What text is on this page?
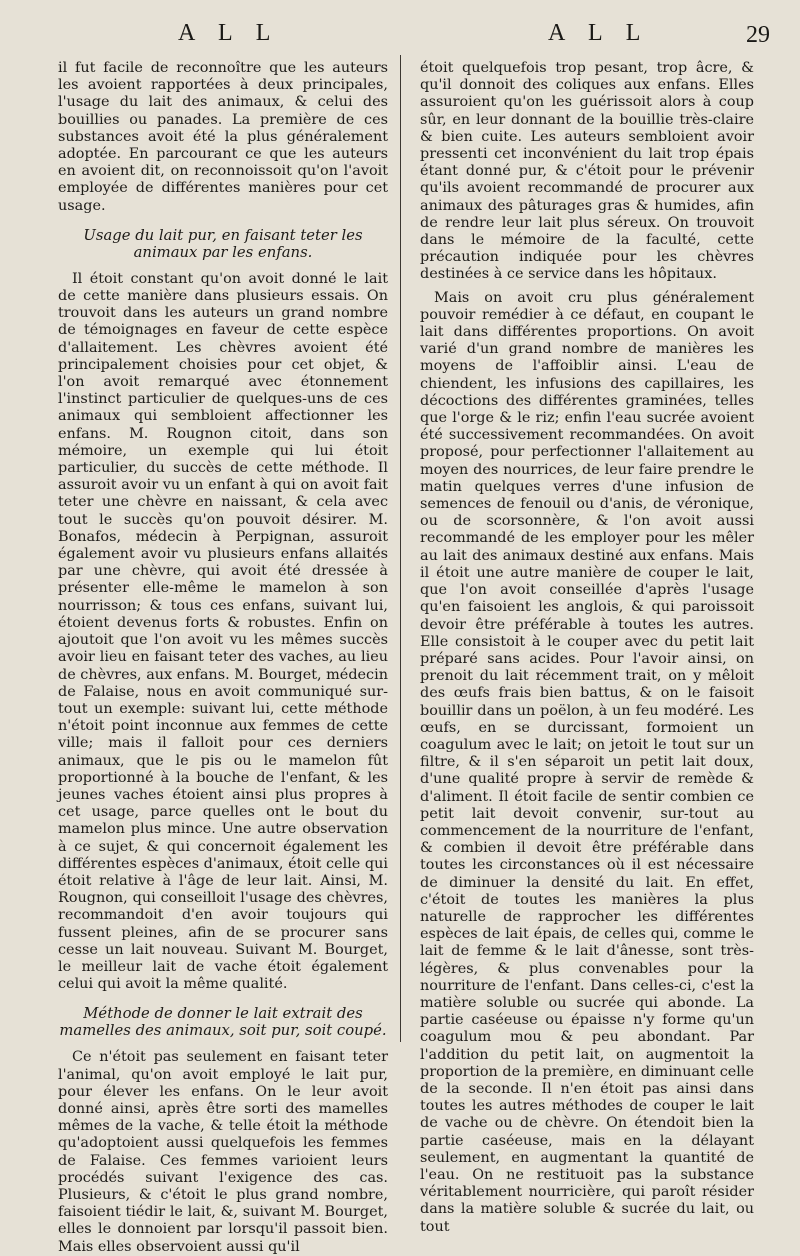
A L L	A L L	29

il fut facile de reconnoître que les auteurs les avoient rapportées à deux principales, l'usage du lait des animaux, & celui des bouillies ou panades. La première de ces substances avoit été la plus généralement adoptée. En parcourant ce que les auteurs en avoient dit, on reconnoissoit qu'on l'avoit employée de différentes manières pour cet usage.

Usage du lait pur, en faisant teter les animaux par les enfans.

Il étoit constant qu'on avoit donné le lait de cette manière dans plusieurs essais. On trouvoit dans les auteurs un grand nombre de témoignages en faveur de cette espèce d'allaitement. Les chèvres avoient été principalement choisies pour cet objet, & l'on avoit remarqué avec étonnement l'instinct particulier de quelques-uns de ces animaux qui sembloient affectionner les enfans. M. Rougnon citoit, dans son mémoire, un exemple qui lui étoit particulier, du succès de cette méthode. Il assuroit avoir vu un enfant à qui on avoit fait teter une chèvre en naissant, & cela avec tout le succès qu'on pouvoit désirer. M. Bonafos, médecin à Perpignan, assuroit également avoir vu plusieurs enfans allaités par une chèvre, qui avoit été dressée à présenter elle-même le mamelon à son nourrisson; & tous ces enfans, suivant lui, étoient devenus forts & robustes. Enfin on ajoutoit que l'on avoit vu les mêmes succès avoir lieu en faisant teter des vaches, au lieu de chèvres, aux enfans. M. Bourget, médecin de Falaise, nous en avoit communiqué sur-tout un exemple: suivant lui, cette méthode n'étoit point inconnue aux femmes de cette ville; mais il falloit pour ces derniers animaux, que le pis ou le mamelon fût proportionné à la bouche de l'enfant, & les jeunes vaches étoient ainsi plus propres à cet usage, parce quelles ont le bout du mamelon plus mince. Une autre observation à ce sujet, & qui concernoit également les différentes espèces d'animaux, étoit celle qui étoit relative à l'âge de leur lait. Ainsi, M. Rougnon, qui conseilloit l'usage des chèvres, recommandoit d'en avoir toujours qui fussent pleines, afin de se procurer sans cesse un lait nouveau. Suivant M. Bourget, le meilleur lait de vache étoit également celui qui avoit la même qualité.

Méthode de donner le lait extrait des mamelles des animaux, soit pur, soit coupé.

Ce n'étoit pas seulement en faisant teter l'animal, qu'on avoit employé le lait pur, pour élever les enfans. On le leur avoit donné ainsi, après être sorti des mamelles mêmes de la vache, & telle étoit la méthode qu'adoptoient aussi quelquefois les femmes de Falaise. Ces femmes varioient leurs procédés suivant l'exigence des cas. Plusieurs, & c'étoit le plus grand nombre, faisoient tiédir le lait, &, suivant M. Bourget, elles le donnoient par lorsqu'il passoit bien. Mais elles observoient aussi qu'il

étoit quelquefois trop pesant, trop âcre, & qu'il donnoit des coliques aux enfans. Elles assuroient qu'on les guérissoit alors à coup sûr, en leur donnant de la bouillie très-claire & bien cuite. Les auteurs sembloient avoir pressenti cet inconvénient du lait trop épais étant donné pur, & c'étoit pour le prévenir qu'ils avoient recommandé de procurer aux animaux des pâturages gras & humides, afin de rendre leur lait plus séreux. On trouvoit dans le mémoire de la faculté, cette précaution indiquée pour les chèvres destinées à ce service dans les hôpitaux.

Mais on avoit cru plus généralement pouvoir remédier à ce défaut, en coupant le lait dans différentes proportions. On avoit varié d'un grand nombre de manières les moyens de l'affoiblir ainsi. L'eau de chiendent, les infusions des capillaires, les décoctions des différentes graminées, telles que l'orge & le riz; enfin l'eau sucrée avoient été successivement recommandées. On avoit proposé, pour perfectionner l'allaitement au moyen des nourrices, de leur faire prendre le matin quelques verres d'une infusion de semences de fenouil ou d'anis, de véronique, ou de scorsonnère, & l'on avoit aussi recommandé de les employer pour les mêler au lait des animaux destiné aux enfans. Mais il étoit une autre manière de couper le lait, que l'on avoit conseillée d'après l'usage qu'en faisoient les anglois, & qui paroissoit devoir être préférable à toutes les autres. Elle consistoit à le couper avec du petit lait préparé sans acides. Pour l'avoir ainsi, on prenoit du lait récemment trait, on y mêloit des œufs frais bien battus, & on le faisoit bouillir dans un poëlon, à un feu modéré. Les œufs, en se durcissant, formoient un coagulum avec le lait; on jetoit le tout sur un filtre, & il s'en séparoit un petit lait doux, d'une qualité propre à servir de remède & d'aliment. Il étoit facile de sentir combien ce petit lait devoit convenir, sur-tout au commencement de la nourriture de l'enfant, & combien il devoit être préférable dans toutes les circonstances où il est nécessaire de diminuer la densité du lait. En effet, c'étoit de toutes les manières la plus naturelle de rapprocher les différentes espèces de lait épais, de celles qui, comme le lait de femme & le lait d'ânesse, sont très-légères, & plus convenables pour la nourriture de l'enfant. Dans celles-ci, c'est la matière soluble ou sucrée qui abonde. La partie caséeuse ou épaisse n'y forme qu'un coagulum mou & peu abondant. Par l'addition du petit lait, on augmentoit la proportion de la première, en diminuant celle de la seconde. Il n'en étoit pas ainsi dans toutes les autres méthodes de couper le lait de vache ou de chèvre. On étendoit bien la partie caséeuse, mais en la délayant seulement, en augmentant la quantité de l'eau. On ne restituoit pas la substance véritablement nourricière, qui paroît résider dans la matière soluble & sucrée du lait, ou tout
